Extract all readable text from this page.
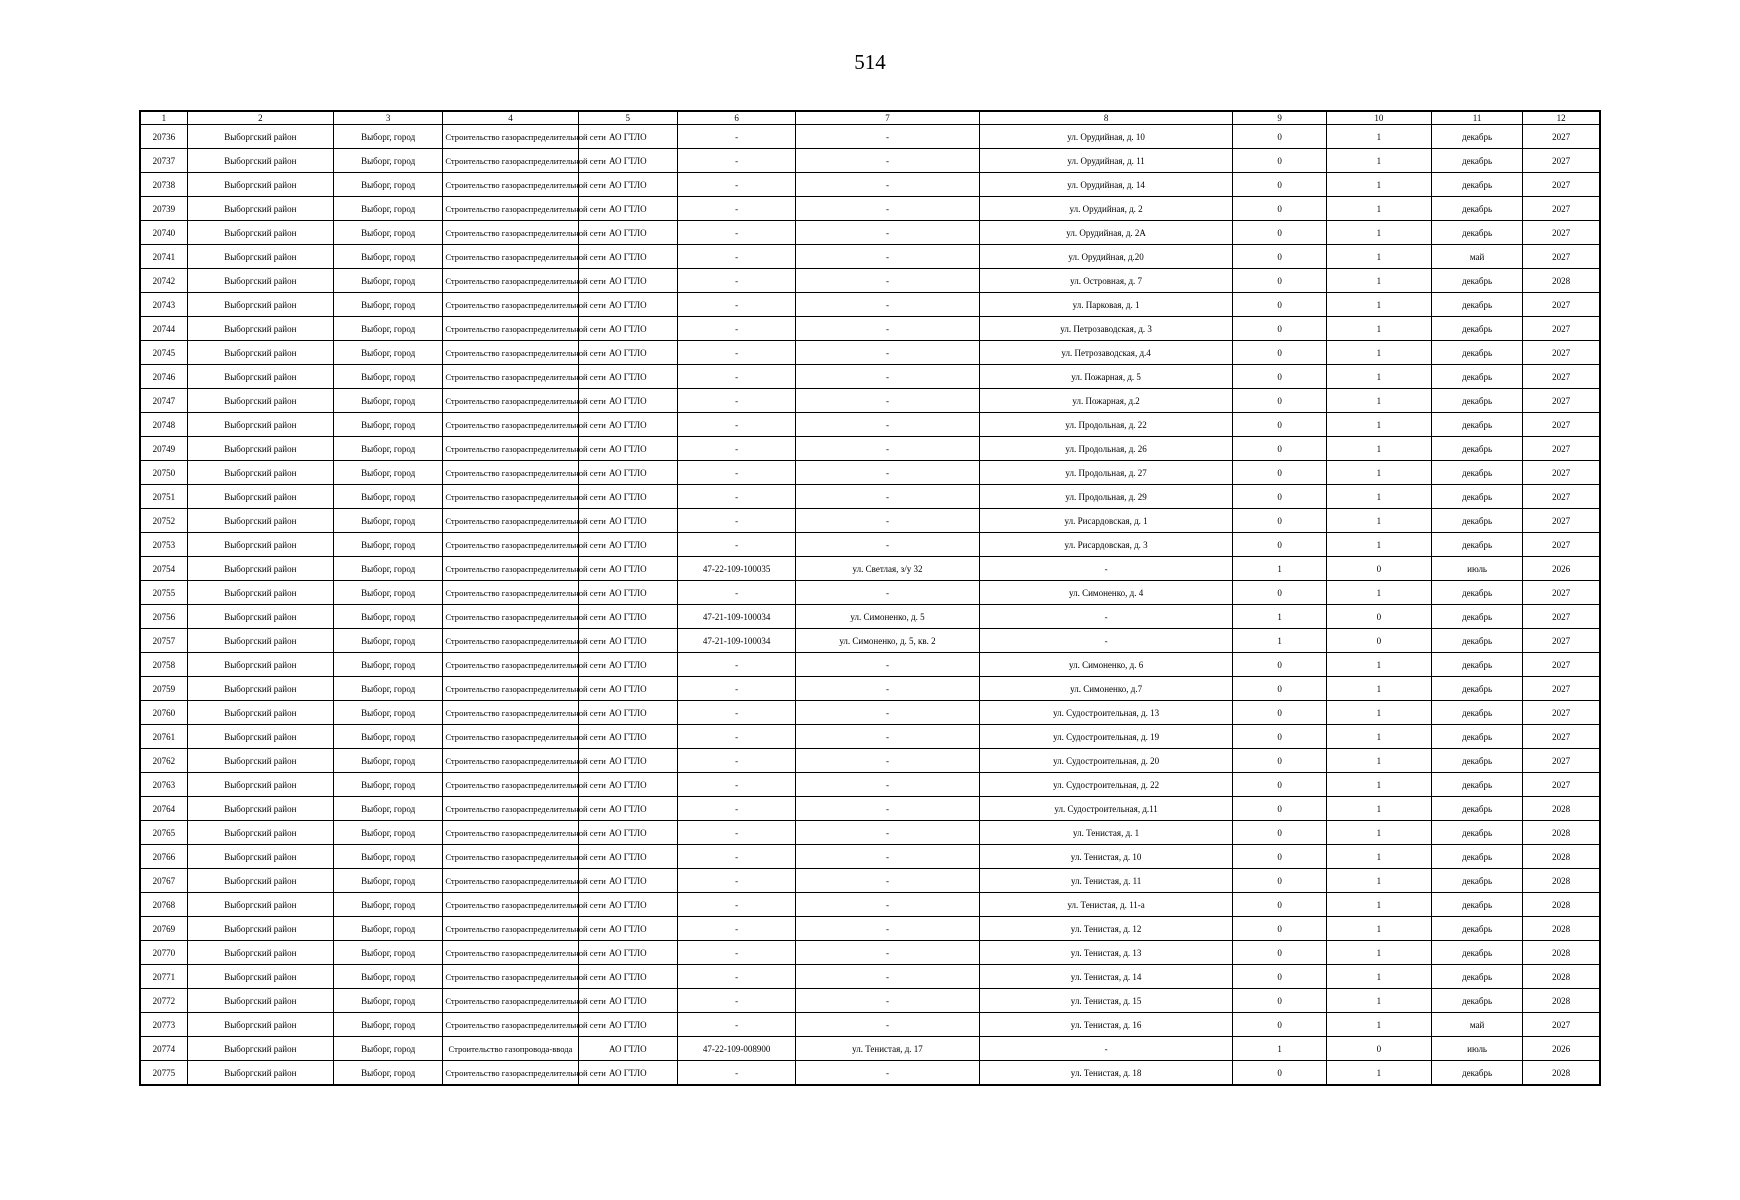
514
1	2	3	4	5	6	7	8	9	10	11	12
20736	Выборгский район	Выборг, город	Строительство газораспределительной сети	АО ГТЛО	-	-	ул. Орудийная, д. 10	0	1	декабрь	2027
20737	Выборгский район	Выборг, город	Строительство газораспределительной сети	АО ГТЛО	-	-	ул. Орудийная, д. 11	0	1	декабрь	2027
20738	Выборгский район	Выборг, город	Строительство газораспределительной сети	АО ГТЛО	-	-	ул. Орудийная, д. 14	0	1	декабрь	2027
20739	Выборгский район	Выборг, город	Строительство газораспределительной сети	АО ГТЛО	-	-	ул. Орудийная, д. 2	0	1	декабрь	2027
20740	Выборгский район	Выборг, город	Строительство газораспределительной сети	АО ГТЛО	-	-	ул. Орудийная, д. 2А	0	1	декабрь	2027
20741	Выборгский район	Выборг, город	Строительство газораспределительной сети	АО ГТЛО	-	-	ул. Орудийная, д.20	0	1	май	2027
20742	Выборгский район	Выборг, город	Строительство газораспределительной сети	АО ГТЛО	-	-	ул. Островная, д. 7	0	1	декабрь	2028
20743	Выборгский район	Выборг, город	Строительство газораспределительной сети	АО ГТЛО	-	-	ул. Парковая, д. 1	0	1	декабрь	2027
20744	Выборгский район	Выборг, город	Строительство газораспределительной сети	АО ГТЛО	-	-	ул. Петрозаводская, д. 3	0	1	декабрь	2027
20745	Выборгский район	Выборг, город	Строительство газораспределительной сети	АО ГТЛО	-	-	ул. Петрозаводская, д.4	0	1	декабрь	2027
20746	Выборгский район	Выборг, город	Строительство газораспределительной сети	АО ГТЛО	-	-	ул. Пожарная, д. 5	0	1	декабрь	2027
20747	Выборгский район	Выборг, город	Строительство газораспределительной сети	АО ГТЛО	-	-	ул. Пожарная, д.2	0	1	декабрь	2027
20748	Выборгский район	Выборг, город	Строительство газораспределительной сети	АО ГТЛО	-	-	ул. Продольная, д. 22	0	1	декабрь	2027
20749	Выборгский район	Выборг, город	Строительство газораспределительной сети	АО ГТЛО	-	-	ул. Продольная, д. 26	0	1	декабрь	2027
20750	Выборгский район	Выборг, город	Строительство газораспределительной сети	АО ГТЛО	-	-	ул. Продольная, д. 27	0	1	декабрь	2027
20751	Выборгский район	Выборг, город	Строительство газораспределительной сети	АО ГТЛО	-	-	ул. Продольная, д. 29	0	1	декабрь	2027
20752	Выборгский район	Выборг, город	Строительство газораспределительной сети	АО ГТЛО	-	-	ул. Рисардовская, д. 1	0	1	декабрь	2027
20753	Выборгский район	Выборг, город	Строительство газораспределительной сети	АО ГТЛО	-	-	ул. Рисардовская, д. 3	0	1	декабрь	2027
20754	Выборгский район	Выборг, город	Строительство газораспределительной сети	АО ГТЛО	47-22-109-100035	ул. Светлая, з/у 32	-	1	0	июль	2026
20755	Выборгский район	Выборг, город	Строительство газораспределительной сети	АО ГТЛО	-	-	ул. Симоненко, д. 4	0	1	декабрь	2027
20756	Выборгский район	Выборг, город	Строительство газораспределительной сети	АО ГТЛО	47-21-109-100034	ул. Симоненко, д. 5	-	1	0	декабрь	2027
20757	Выборгский район	Выборг, город	Строительство газораспределительной сети	АО ГТЛО	47-21-109-100034	ул. Симоненко, д. 5, кв. 2	-	1	0	декабрь	2027
20758	Выборгский район	Выборг, город	Строительство газораспределительной сети	АО ГТЛО	-	-	ул. Симоненко, д. 6	0	1	декабрь	2027
20759	Выборгский район	Выборг, город	Строительство газораспределительной сети	АО ГТЛО	-	-	ул. Симоненко, д.7	0	1	декабрь	2027
20760	Выборгский район	Выборг, город	Строительство газораспределительной сети	АО ГТЛО	-	-	ул. Судостроительная, д. 13	0	1	декабрь	2027
20761	Выборгский район	Выборг, город	Строительство газораспределительной сети	АО ГТЛО	-	-	ул. Судостроительная, д. 19	0	1	декабрь	2027
20762	Выборгский район	Выборг, город	Строительство газораспределительной сети	АО ГТЛО	-	-	ул. Судостроительная, д. 20	0	1	декабрь	2027
20763	Выборгский район	Выборг, город	Строительство газораспределительной сети	АО ГТЛО	-	-	ул. Судостроительная, д. 22	0	1	декабрь	2027
20764	Выборгский район	Выборг, город	Строительство газораспределительной сети	АО ГТЛО	-	-	ул. Судостроительная, д.11	0	1	декабрь	2028
20765	Выборгский район	Выборг, город	Строительство газораспределительной сети	АО ГТЛО	-	-	ул. Тенистая, д. 1	0	1	декабрь	2028
20766	Выборгский район	Выборг, город	Строительство газораспределительной сети	АО ГТЛО	-	-	ул. Тенистая, д. 10	0	1	декабрь	2028
20767	Выборгский район	Выборг, город	Строительство газораспределительной сети	АО ГТЛО	-	-	ул. Тенистая, д. 11	0	1	декабрь	2028
20768	Выборгский район	Выборг, город	Строительство газораспределительной сети	АО ГТЛО	-	-	ул. Тенистая, д. 11-а	0	1	декабрь	2028
20769	Выборгский район	Выборг, город	Строительство газораспределительной сети	АО ГТЛО	-	-	ул. Тенистая, д. 12	0	1	декабрь	2028
20770	Выборгский район	Выборг, город	Строительство газораспределительной сети	АО ГТЛО	-	-	ул. Тенистая, д. 13	0	1	декабрь	2028
20771	Выборгский район	Выборг, город	Строительство газораспределительной сети	АО ГТЛО	-	-	ул. Тенистая, д. 14	0	1	декабрь	2028
20772	Выборгский район	Выборг, город	Строительство газораспределительной сети	АО ГТЛО	-	-	ул. Тенистая, д. 15	0	1	декабрь	2028
20773	Выборгский район	Выборг, город	Строительство газораспределительной сети	АО ГТЛО	-	-	ул. Тенистая, д. 16	0	1	май	2027
20774	Выборгский район	Выборг, город	Строительство газопровода-ввода	АО ГТЛО	47-22-109-008900	ул. Тенистая, д. 17	-	1	0	июль	2026
20775	Выборгский район	Выборг, город	Строительство газораспределительной сети	АО ГТЛО	-	-	ул. Тенистая, д. 18	0	1	декабрь	2028
